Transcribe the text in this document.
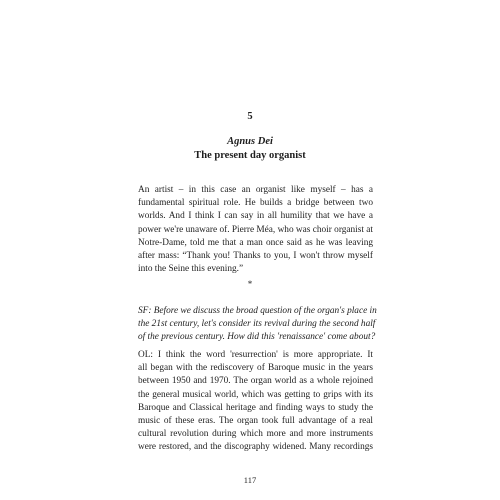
5
Agnus Dei
The present day organist
An artist – in this case an organist like myself – has a
fundamental spiritual role. He builds a bridge between two
worlds. And I think I can say in all humility that we have a
power we're unaware of. Pierre Méa, who was choir organist at
Notre-Dame, told me that a man once said as he was leaving
after mass: “Thank you! Thanks to you, I won't throw myself
into the Seine this evening.”
*
SF: Before we discuss the broad question of the organ's place in
the 21st century, let's consider its revival during the second half
of the previous century. How did this 'renaissance' come about?
OL: I think the word 'resurrection' is more appropriate. It
all began with the rediscovery of Baroque music in the years
between 1950 and 1970. The organ world as a whole rejoined
the general musical world, which was getting to grips with its
Baroque and Classical heritage and finding ways to study the
music of these eras. The organ took full advantage of a real
cultural revolution during which more and more instruments
were restored, and the discography widened. Many recordings
117
